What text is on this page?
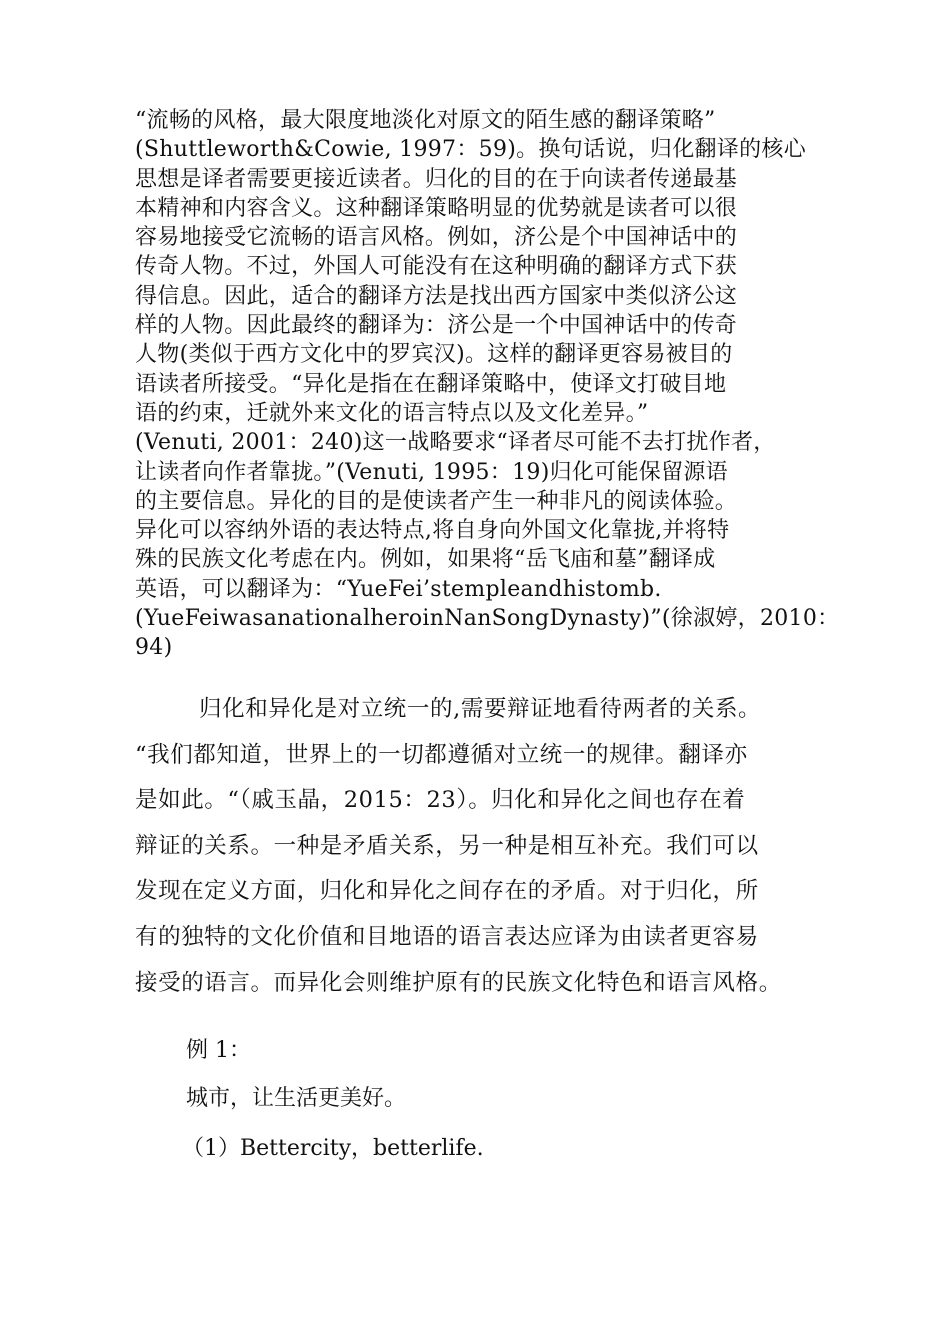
“流畅的风格，最大限度地淡化对原文的陌生感的翻译策略”
(Shuttleworth&Cowie, 1997：59)。换句话说，归化翻译的核心
思想是译者需要更接近读者。归化的目的在于向读者传递最基
本精神和内容含义。这种翻译策略明显的优势就是读者可以很
容易地接受它流畅的语言风格。例如，济公是个中国神话中的
传奇人物。不过，外国人可能没有在这种明确的翻译方式下获
得信息。因此，适合的翻译方法是找出西方国家中类似济公这
样的人物。因此最终的翻译为：济公是一个中国神话中的传奇
人物(类似于西方文化中的罗宾汉)。这样的翻译更容易被目的
语读者所接受。“异化是指在在翻译策略中，使译文打破目地
语的约束，迁就外来文化的语言特点以及文化差异。”
(Venuti, 2001：240)这一战略要求“译者尽可能不去打扰作者，
让读者向作者靠拢。”(Venuti, 1995：19)归化可能保留源语
的主要信息。异化的目的是使读者产生一种非凡的阅读体验。
异化可以容纳外语的表达特点,将自身向外国文化靠拢,并将特
殊的民族文化考虑在内。例如，如果将“岳飞庙和墓”翻译成
英语，可以翻译为：“YueFei’stempleandhistomb.
(YueFeiwasanationalheroinNanSongDynasty)”(徐淑婷，2010：
94)
归化和异化是对立统一的,需要辩证地看待两者的关系。
“我们都知道，世界上的一切都遵循对立统一的规律。翻译亦
是如此。“（戚玉晶，2015：23）。归化和异化之间也存在着
辩证的关系。一种是矛盾关系，另一种是相互补充。我们可以
发现在定义方面，归化和异化之间存在的矛盾。对于归化，所
有的独特的文化价值和目地语的语言表达应译为由读者更容易
接受的语言。而异化会则维护原有的民族文化特色和语言风格。
例 1：
城市，让生活更美好。
（1）Bettercity，betterlife.
